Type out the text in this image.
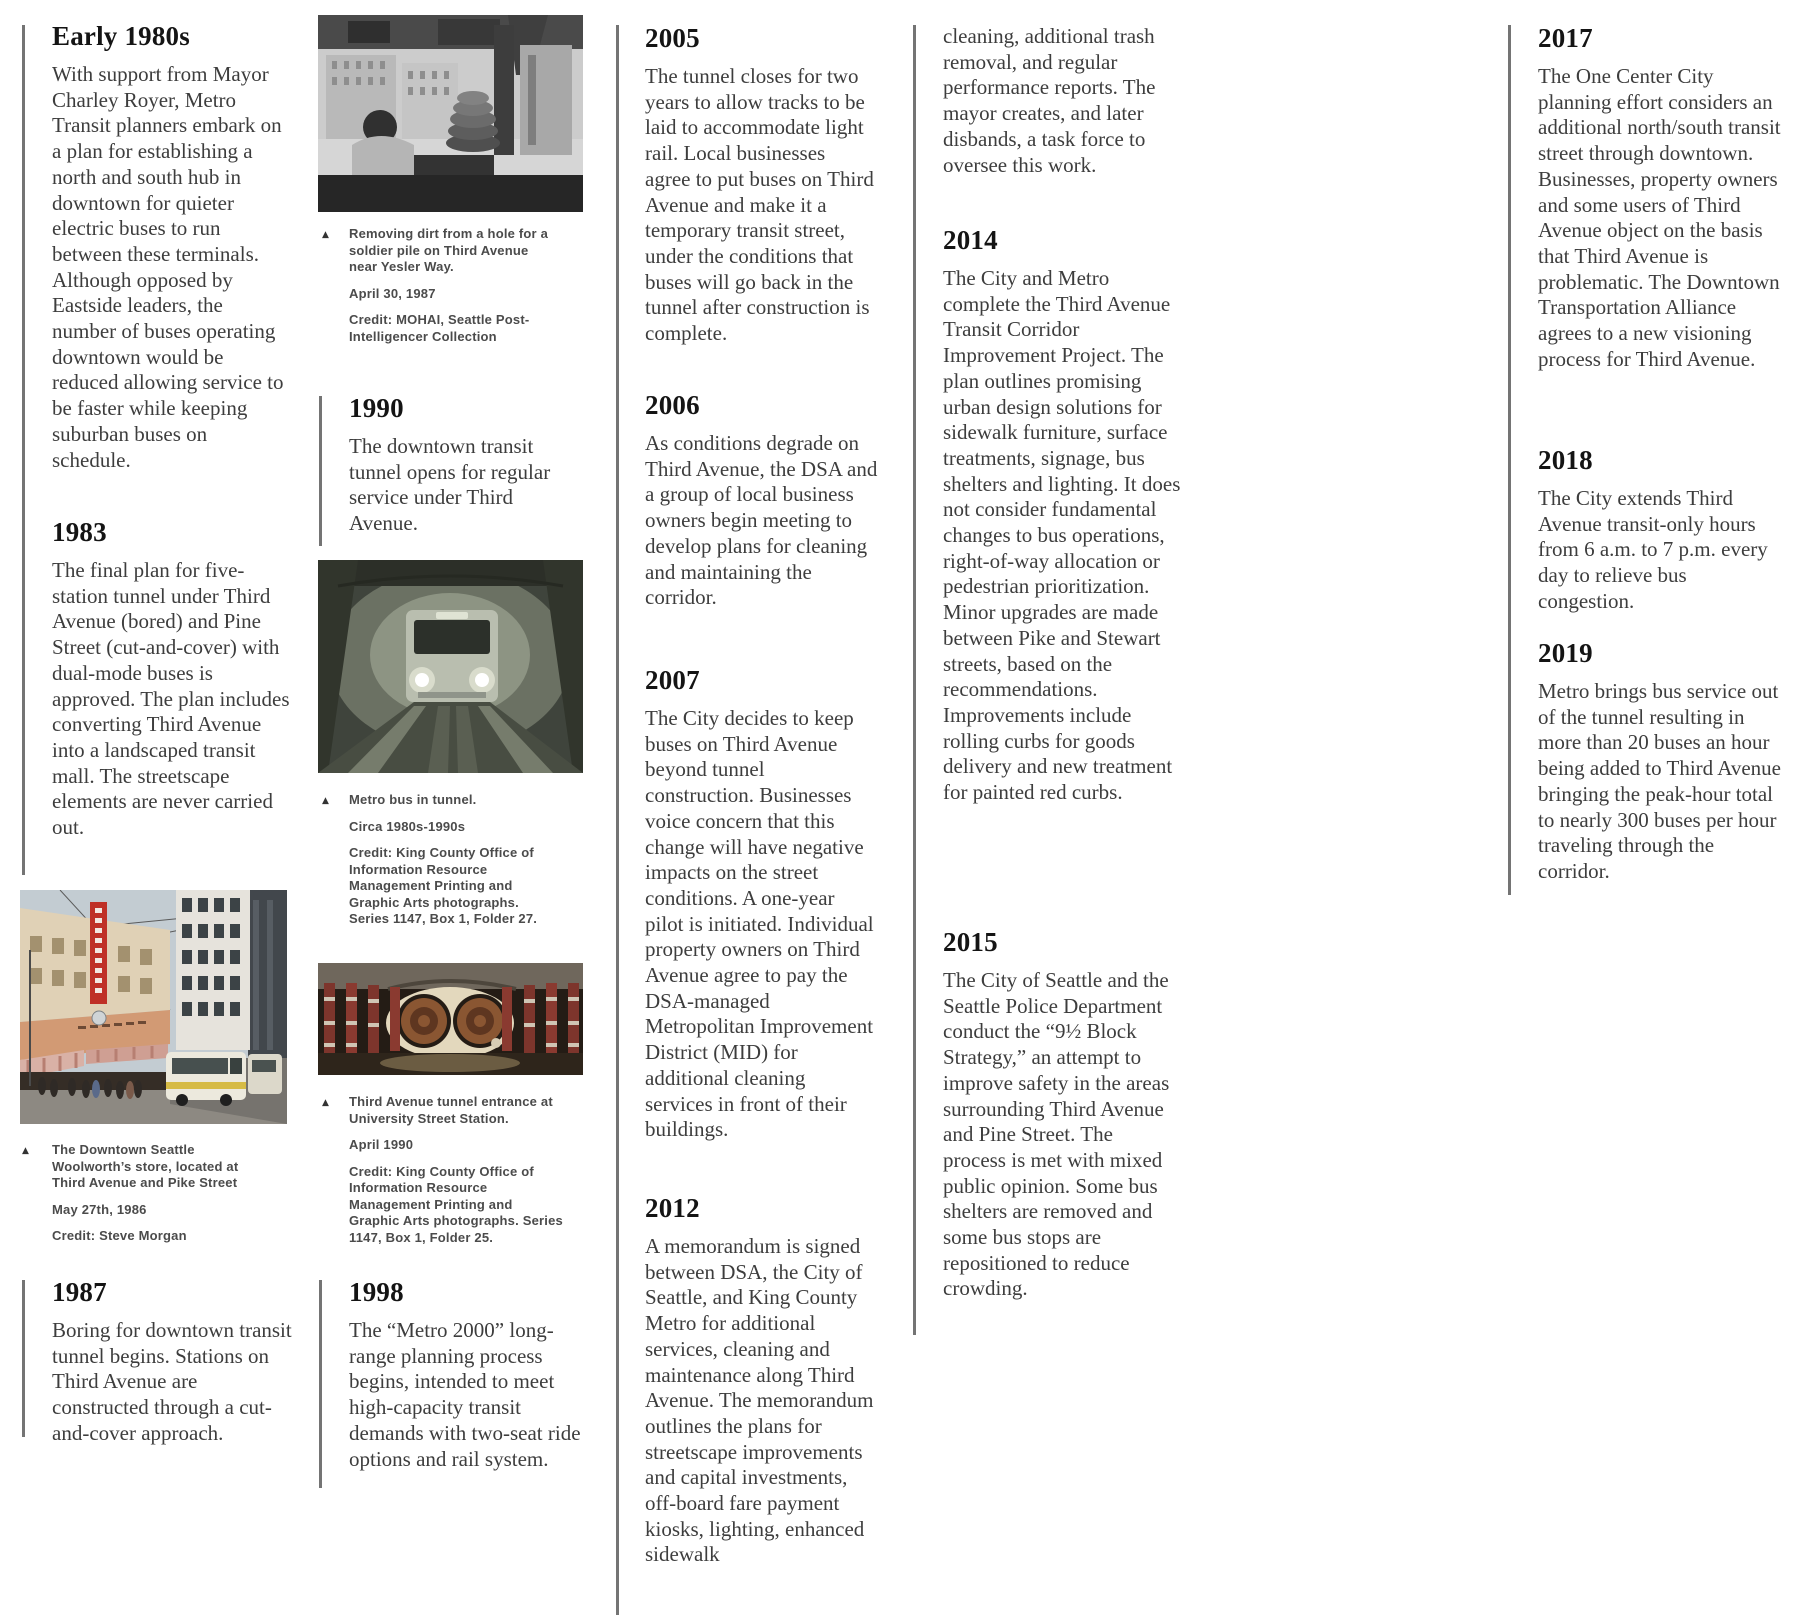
Early 1980s

With support from Mayor Charley Royer, Metro Transit planners embark on a plan for establishing a north and south hub in downtown for quieter electric buses to run between these terminals. Although opposed by Eastside leaders, the number of buses operating downtown would be reduced allowing service to be faster while keeping suburban buses on schedule.

1983

The final plan for five-station tunnel under Third Avenue (bored) and Pine Street (cut-and-cover) with dual-mode buses is approved. The plan includes converting Third Avenue into a landscaped transit mall. The streetscape elements are never carried out.

1987

Boring for downtown transit tunnel begins. Stations on Third Avenue are constructed through a cut-and-cover approach.

▲ The Downtown Seattle Woolworth’s store, located at Third Avenue and Pike Street

May 27th, 1986

Credit: Steve Morgan

▲ Removing dirt from a hole for a soldier pile on Third Avenue near Yesler Way.

April 30, 1987

Credit: MOHAI, Seattle Post-Intelligencer Collection

1990

The downtown transit tunnel opens for regular service under Third Avenue.

▲ Metro bus in tunnel.

Circa 1980s-1990s

Credit: King County Office of Information Resource Management Printing and Graphic Arts photographs. Series 1147, Box 1, Folder 27.

▲ Third Avenue tunnel entrance at University Street Station.

April 1990

Credit: King County Office of Information Resource Management Printing and Graphic Arts photographs. Series 1147, Box 1, Folder 25.

1998

The “Metro 2000” long-range planning process begins, intended to meet high-capacity transit demands with two-seat ride options and rail system.

2005

The tunnel closes for two years to allow tracks to be laid to accommodate light rail. Local businesses agree to put buses on Third Avenue and make it a temporary transit street, under the conditions that buses will go back in the tunnel after construction is complete.

2006

As conditions degrade on Third Avenue, the DSA and a group of local business owners begin meeting to develop plans for cleaning and maintaining the corridor.

2007

The City decides to keep buses on Third Avenue beyond tunnel construction. Businesses voice concern that this change will have negative impacts on the street conditions. A one-year pilot is initiated. Individual property owners on Third Avenue agree to pay the DSA-managed Metropolitan Improvement District (MID) for additional cleaning services in front of their buildings.

2012

A memorandum is signed between DSA, the City of Seattle, and King County Metro for additional services, cleaning and maintenance along Third Avenue. The memorandum outlines the plans for streetscape improvements and capital investments, off-board fare payment kiosks, lighting, enhanced sidewalk

cleaning, additional trash removal, and regular performance reports. The mayor creates, and later disbands, a task force to oversee this work.

2014

The City and Metro complete the Third Avenue Transit Corridor Improvement Project. The plan outlines promising urban design solutions for sidewalk furniture, surface treatments, signage, bus shelters and lighting. It does not consider fundamental changes to bus operations, right-of-way allocation or pedestrian prioritization. Minor upgrades are made between Pike and Stewart streets, based on the recommendations. Improvements include rolling curbs for goods delivery and new treatment for painted red curbs.

2015

The City of Seattle and the Seattle Police Department conduct the “9½ Block Strategy,” an attempt to improve safety in the areas surrounding Third Avenue and Pine Street. The process is met with mixed public opinion. Some bus shelters are removed and some bus stops are repositioned to reduce crowding.

2017

The One Center City planning effort considers an additional north/south transit street through downtown. Businesses, property owners and some users of Third Avenue object on the basis that Third Avenue is problematic. The Downtown Transportation Alliance agrees to a new visioning process for Third Avenue.

2018

The City extends Third Avenue transit-only hours from 6 a.m. to 7 p.m. every day to relieve bus congestion.

2019

Metro brings bus service out of the tunnel resulting in more than 20 buses an hour being added to Third Avenue bringing the peak-hour total to nearly 300 buses per hour traveling through the corridor.
